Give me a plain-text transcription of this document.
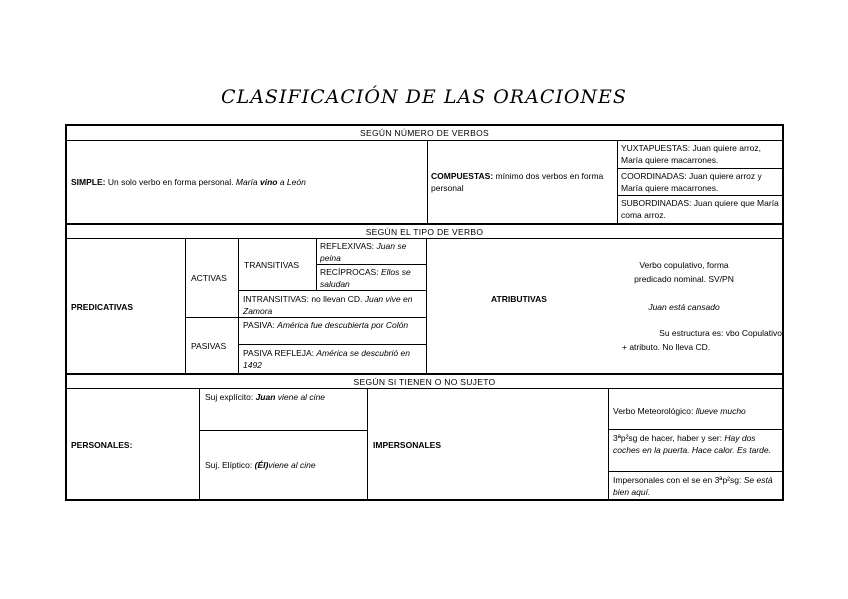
CLASIFICACIÓN DE LAS ORACIONES
SEGÚN NÚMERO DE VERBOS
SIMPLE: Un solo verbo en forma personal. María vino a León
COMPUESTAS: mínimo dos verbos en forma personal
YUXTAPUESTAS: Juan quiere arroz, María quiere macarrones.
COORDINADAS: Juan quiere arroz y María quiere macarrones.
SUBORDINADAS: Juan quiere que María coma arroz.
SEGÚN EL TIPO DE VERBO
PREDICATIVAS
ACTIVAS
TRANSITIVAS
REFLEXIVAS: Juan se peina
RECÍPROCAS: Ellos se saludan
INTRANSITIVAS: no llevan CD. Juan vive en Zamora
PASIVAS
PASIVA: América fue descubierta por Colón
PASIVA REFLEJA: América se descubrió en 1492
ATRIBUTIVAS
Verbo copulativo, forma
predicado nominal. SV/PN
Juan está cansado
Su estructura es: vbo Copulativo
+ atributo. No lleva CD.
SEGÚN SI TIENEN O NO SUJETO
PERSONALES:
Suj explícito: Juan viene al cine
Suj. Elíptico: (Él)viene al cine
IMPERSONALES
Verbo Meteorológico: llueve mucho
3ªp²sg de hacer, haber y ser: Hay dos coches en la puerta. Hace calor. Es tarde.
Impersonales con el se en 3ªp²sg: Se está bien aquí.
